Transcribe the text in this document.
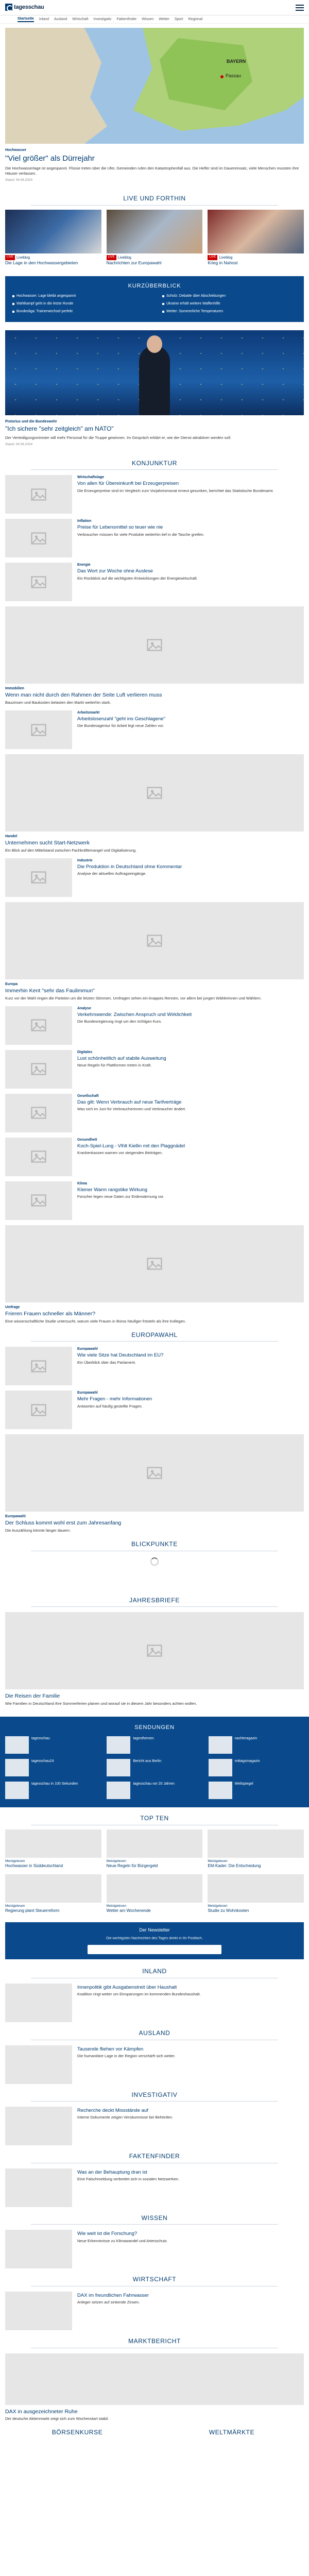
tagesschau
Startseite Inland Ausland Wirtschaft Investigativ Faktenfinder Wissen Wetter Sport Regional
BAYERN
Passau
Hochwasser
"Viel größer" als Dürrejahr
Die Hochwasserlage ist angespannt. Flüsse treten über die Ufer, Gemeinden rufen den Katastrophenfall aus. Die Helfer sind im Dauereinsatz, viele Menschen mussten ihre Häuser verlassen.
Stand: 04.06.2024
LIVE UND FORTHIN
LIVE Liveblog
Die Lage in den Hochwassergebieten
LIVE Liveblog
Nachrichten zur Europawahl
LIVE Liveblog
Krieg in Nahost
KURZÜBERBLICK
Hochwasser: Lage bleibt angespannt	Scholz: Debatte über Abschiebungen
Wahlkampf geht in die letzte Runde	Ukraine erhält weitere Waffenhilfe
Bundesliga: Trainerwechsel perfekt	Wetter: Sommerliche Temperaturen
Pistorius und die Bundeswehr
"Ich sichere "sehr zeitgleich" am NATO"
Der Verteidigungsminister will mehr Personal für die Truppe gewinnen. Im Gespräch erklärt er, wie der Dienst attraktiver werden soll.
Stand: 04.06.2024
KONJUNKTUR
Wirtschaftslage
Von allen für Übereinkunft bei Erzeugerpreisen
Die Erzeugerpreise sind im Vergleich zum Vorjahresmonat erneut gesunken, berichtet das Statistische Bundesamt.
Inflation
Preise für Lebensmittel so teuer wie nie
Verbraucher müssen für viele Produkte weiterhin tief in die Tasche greifen.
Energie
Das Wort zur Woche ohne Auslese
Ein Rückblick auf die wichtigsten Entwicklungen der Energiewirtschaft.
Immobilien
Wenn man nicht durch den Rahmen der Seite Luft verlieren muss
Bauzinsen und Baukosten belasten den Markt weiterhin stark.
Arbeitsmarkt
Arbeitslosenzahl "geht ins Geschlagene"
Die Bundesagentur für Arbeit legt neue Zahlen vor.
Handel
Unternehmen sucht Start-Netzwerk
Ein Blick auf den Mittelstand zwischen Fachkräftemangel und Digitalisierung.
Industrie
Die Produktion in Deutschland ohne Kommentar
Analyse der aktuellen Auftragseingänge.
Europa
Immerhin Kent "sehr das Faulimmun"
Kurz vor der Wahl ringen die Parteien um die letzten Stimmen. Umfragen sehen ein knappes Rennen, vor allem bei jungen Wählerinnen und Wählern.
Analyse
Verkehrswende: Zwischen Anspruch und Wirklichkeit
Die Bundesregierung ringt um den richtigen Kurs.
Digitales
Lust schönheitlich auf stabile Ausweitung
Neue Regeln für Plattformen treten in Kraft.
Gesellschaft
Das gilt: Wenn Verbrauch auf neue Tarifverträge
Was sich im Juni für Verbraucherinnen und Verbraucher ändert.
Gesundheit
Koch-Spiel-Lung - Vlhlt Kiellin mit den Plaggnädel
Krankenkassen warnen vor steigenden Beiträgen.
Klima
Kleiner Warm rangstike Wirkung
Forscher legen neue Daten zur Erderwärmung vor.
Umfrage
Frieren Frauen schneller als Männer?
Eine wissenschaftliche Studie untersucht, warum viele Frauen in Büros häufiger frösteln als ihre Kollegen.
EUROPAWAHL
Europawahl
Wie viele Sitze hat Deutschland im EU?
Ein Überblick über das Parlament.
Europawahl
Mehr Fragen - mehr Informationen
Antworten auf häufig gestellte Fragen.
Europawahl
Der Schluss kommt wohl erst zum Jahresanfang
Die Auszählung könnte länger dauern.
BLICKPUNKTE
JAHRESBRIEFE
Die Reisen der Familie
Wie Familien in Deutschland ihre Sommerferien planen und worauf sie in diesem Jahr besonders achten wollen.
SENDUNGEN
tagesschau	tagesthemen	nachtmagazin
tagesschau24	Bericht aus Berlin	mittagsmagazin
tagesschau in 100 Sekunden	tagesschau vor 20 Jahren	Weltspiegel
TOP TEN
Meistgelesen
Hochwasser in Süddeutschland
Meistgelesen
Neue Regeln für Bürgergeld
Meistgelesen
EM-Kader: Die Entscheidung
Meistgelesen
Regierung plant Steuerreform
Meistgelesen
Wetter am Wochenende
Meistgelesen
Studie zu Wohnkosten
Der Newsletter
Die wichtigsten Nachrichten des Tages direkt in Ihr Postfach.
INLAND
Innenpolitik gibt Ausgabenstreit über Haushalt
Koalition ringt weiter um Einsparungen im kommenden Bundeshaushalt.
AUSLAND
Tausende fliehen vor Kämpfen
Die humanitäre Lage in der Region verschärft sich weiter.
INVESTIGATIV
Recherche deckt Missstände auf
Interne Dokumente zeigen Versäumnisse bei Behörden.
FAKTENFINDER
Was an der Behauptung dran ist
Eine Falschmeldung verbreitet sich in sozialen Netzwerken.
WISSEN
Wie weit ist die Forschung?
Neue Erkenntnisse zu Klimawandel und Artenschutz.
WIRTSCHAFT
DAX im freundlichen Fahrwasser
Anleger setzen auf sinkende Zinsen.
MARKTBERICHT
DAX in ausgezeichneter Ruhe
Der deutsche Aktienmarkt zeigt sich zum Wochenstart stabil.
BÖRSENKURSE	WELTMÄRKTE
